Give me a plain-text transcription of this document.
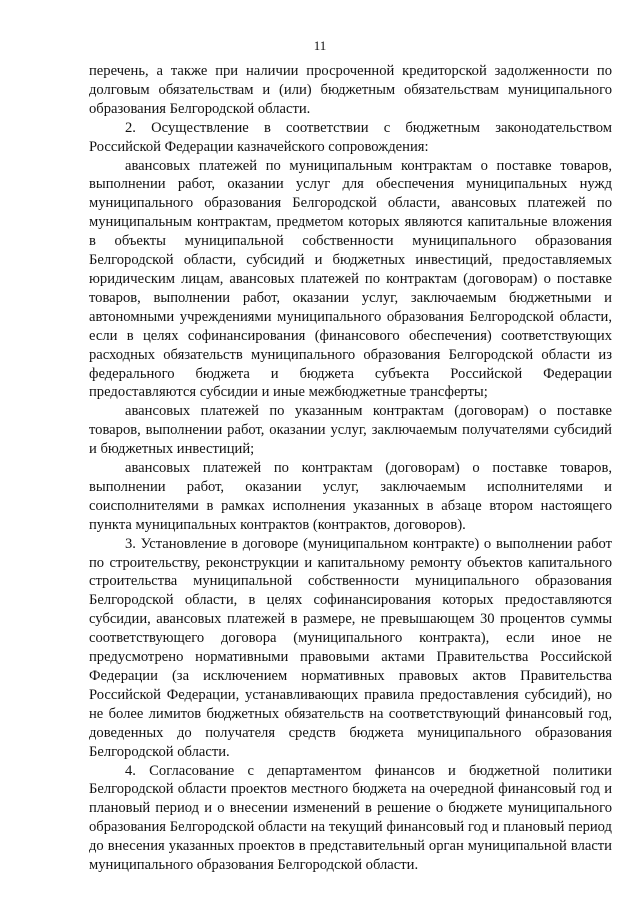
11

перечень, а также при наличии просроченной кредиторской задолженности по долговым обязательствам и (или) бюджетным обязательствам муниципального образования Белгородской области.

2. Осуществление в соответствии с бюджетным законодательством Российской Федерации казначейского сопровождения:

авансовых платежей по муниципальным контрактам о поставке товаров, выполнении работ, оказании услуг для обеспечения муниципальных нужд муниципального образования Белгородской области, авансовых платежей по муниципальным контрактам, предметом которых являются капитальные вложения в объекты муниципальной собственности муниципального образования Белгородской области, субсидий и бюджетных инвестиций, предоставляемых юридическим лицам, авансовых платежей по контрактам (договорам) о поставке товаров, выполнении работ, оказании услуг, заключаемым бюджетными и автономными учреждениями муниципального образования Белгородской области, если в целях софинансирования (финансового обеспечения) соответствующих расходных обязательств муниципального образования Белгородской области из федерального бюджета и бюджета субъекта Российской Федерации предоставляются субсидии и иные межбюджетные трансферты;

авансовых платежей по указанным контрактам (договорам) о поставке товаров, выполнении работ, оказании услуг, заключаемым получателями субсидий и бюджетных инвестиций;

авансовых платежей по контрактам (договорам) о поставке товаров, выполнении работ, оказании услуг, заключаемым исполнителями и соисполнителями в рамках исполнения указанных в абзаце втором настоящего пункта муниципальных контрактов (контрактов, договоров).

3. Установление в договоре (муниципальном контракте) о выполнении работ по строительству, реконструкции и капитальному ремонту объектов капитального строительства муниципальной собственности муниципального образования Белгородской области, в целях софинансирования которых предоставляются субсидии, авансовых платежей в размере, не превышающем 30 процентов суммы соответствующего договора (муниципального контракта), если иное не предусмотрено нормативными правовыми актами Правительства Российской Федерации (за исключением нормативных правовых актов Правительства Российской Федерации, устанавливающих правила предоставления субсидий), но не более лимитов бюджетных обязательств на соответствующий финансовый год, доведенных до получателя средств бюджета муниципального образования Белгородской области.

4. Согласование с департаментом финансов и бюджетной политики Белгородской области проектов местного бюджета на очередной финансовый год и плановый период и о внесении изменений в решение о бюджете муниципального образования Белгородской области на текущий финансовый год и плановый период до внесения указанных проектов в представительный орган муниципальной власти муниципального образования Белгородской области.
